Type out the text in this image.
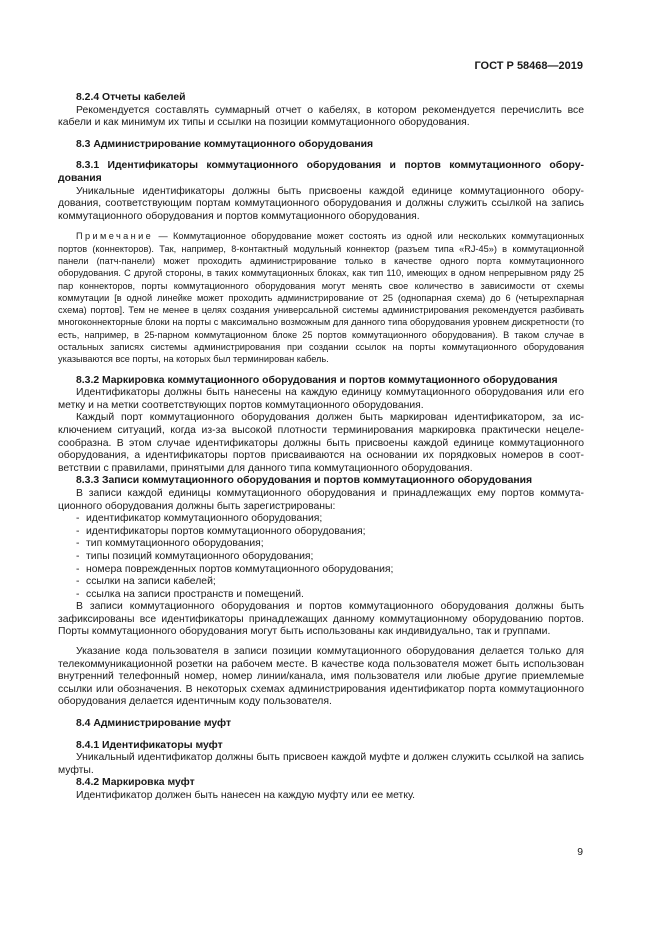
ГОСТ Р 58468—2019

8.2.4 Отчеты кабелей

Рекомендуется составлять суммарный отчет о кабелях, в котором рекомендуется перечислить все кабели и как минимум их типы и ссылки на позиции коммутационного оборудования.

8.3 Администрирование коммутационного оборудования

8.3.1 Идентификаторы коммутационного оборудования и портов коммутационного оборудования

Уникальные идентификаторы должны быть присвоены каждой единице коммутационного оборудования, соответствующим портам коммутационного оборудования и должны служить ссылкой на запись коммутационного оборудования и портов коммутационного оборудования.

Примечание — Коммутационное оборудование может состоять из одной или нескольких коммутационных портов (коннекторов). Так, например, 8-контактный модульный коннектор (разъем типа «RJ-45») в коммутационной панели (патч-панели) может проходить администрирование только в качестве одного порта коммутационного оборудования. С другой стороны, в таких коммутационных блоках, как тип 110, имеющих в одном непрерывном ряду 25 пар коннекторов, порты коммутационного оборудования могут менять свое количество в зависимости от схемы коммутации [в одной линейке может проходить администрирование от 25 (однопарная схема) до 6 (четырехпарная схема) портов]. Тем не менее в целях создания универсальной системы администрирования рекомендуется разбивать многоконнекторные блоки на порты с максимально возможным для данного типа оборудования уровнем дискретности (то есть, например, в 25-парном коммутационном блоке 25 портов коммутационного оборудования). В таком случае в остальных записях системы администрирования при создании ссылок на порты коммутационного оборудования указываются все порты, на которых был терминирован кабель.

8.3.2 Маркировка коммутационного оборудования и портов коммутационного оборудования

Идентификаторы должны быть нанесены на каждую единицу коммутационного оборудования или его метку и на метки соответствующих портов коммутационного оборудования.

Каждый порт коммутационного оборудования должен быть маркирован идентификатором, за исключением ситуаций, когда из-за высокой плотности терминирования маркировка практически нецелесообразна. В этом случае идентификаторы должны быть присвоены каждой единице коммутационного оборудования, а идентификаторы портов присваиваются на основании их порядковых номеров в соответствии с правилами, принятыми для данного типа коммутационного оборудования.

8.3.3 Записи коммутационного оборудования и портов коммутационного оборудования

В записи каждой единицы коммутационного оборудования и принадлежащих ему портов коммутационного оборудования должны быть зарегистрированы:

- идентификатор коммутационного оборудования;
- идентификаторы портов коммутационного оборудования;
- тип коммутационного оборудования;
- типы позиций коммутационного оборудования;
- номера поврежденных портов коммутационного оборудования;
- ссылки на записи кабелей;
- ссылка на записи пространств и помещений.

В записи коммутационного оборудования и портов коммутационного оборудования должны быть зафиксированы все идентификаторы принадлежащих данному коммутационному оборудованию портов. Порты коммутационного оборудования могут быть использованы как индивидуально, так и группами.

Указание кода пользователя в записи позиции коммутационного оборудования делается только для телекоммуникационной розетки на рабочем месте. В качестве кода пользователя может быть использован внутренний телефонный номер, номер линии/канала, имя пользователя или любые другие приемлемые ссылки или обозначения. В некоторых схемах администрирования идентификатор порта коммутационного оборудования делается идентичным коду пользователя.

8.4 Администрирование муфт

8.4.1 Идентификаторы муфт

Уникальный идентификатор должны быть присвоен каждой муфте и должен служить ссылкой на запись муфты.

8.4.2 Маркировка муфт

Идентификатор должен быть нанесен на каждую муфту или ее метку.

9
